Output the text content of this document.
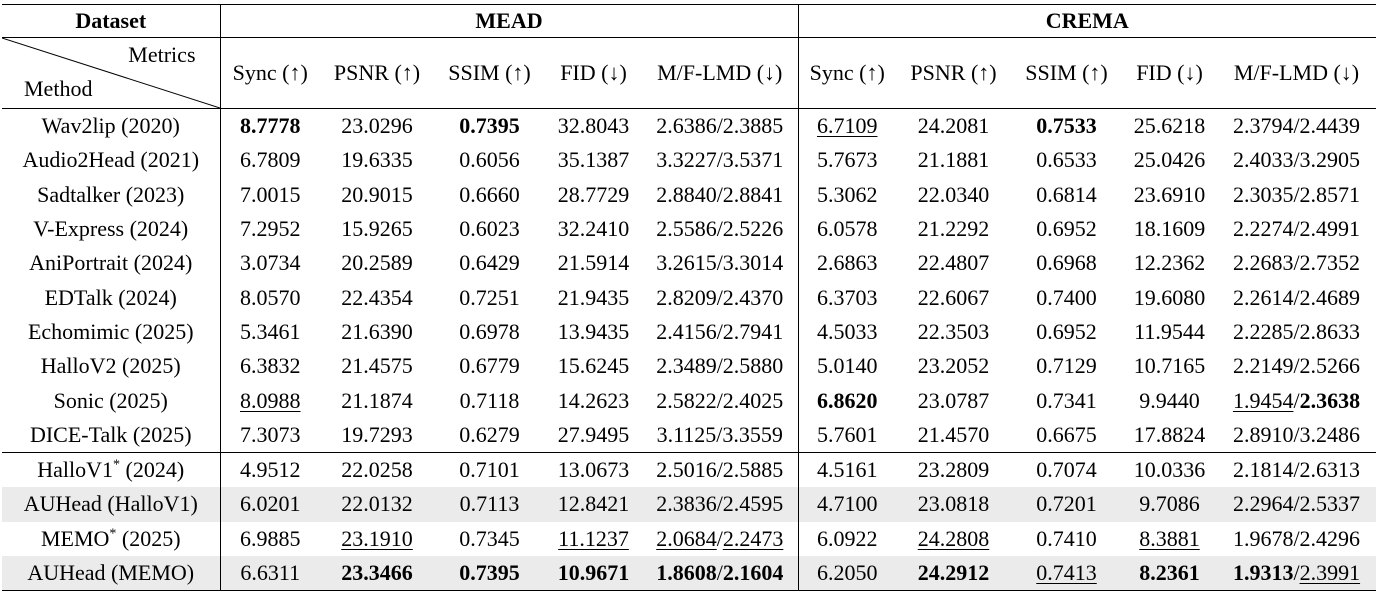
Dataset	MEAD					CREMA				

Metrics
Method	Sync (↑)	PSNR (↑)	SSIM (↑)	FID (↓)	M/F-LMD (↓)	Sync (↑)	PSNR (↑)	SSIM (↑)	FID (↓)	M/F-LMD (↓)
Wav2lip (2020)	8.7778	23.0296	0.7395	32.8043	2.6386/2.3885	6.7109	24.2081	0.7533	25.6218	2.3794/2.4439
Audio2Head (2021)	6.7809	19.6335	0.6056	35.1387	3.3227/3.5371	5.7673	21.1881	0.6533	25.0426	2.4033/3.2905
Sadtalker (2023)	7.0015	20.9015	0.6660	28.7729	2.8840/2.8841	5.3062	22.0340	0.6814	23.6910	2.3035/2.8571
V-Express (2024)	7.2952	15.9265	0.6023	32.2410	2.5586/2.5226	6.0578	21.2292	0.6952	18.1609	2.2274/2.4991
AniPortrait (2024)	3.0734	20.2589	0.6429	21.5914	3.2615/3.3014	2.6863	22.4807	0.6968	12.2362	2.2683/2.7352
EDTalk (2024)	8.0570	22.4354	0.7251	21.9435	2.8209/2.4370	6.3703	22.6067	0.7400	19.6080	2.2614/2.4689
Echomimic (2025)	5.3461	21.6390	0.6978	13.9435	2.4156/2.7941	4.5033	22.3503	0.6952	11.9544	2.2285/2.8633
HalloV2 (2025)	6.3832	21.4575	0.6779	15.6245	2.3489/2.5880	5.0140	23.2052	0.7129	10.7165	2.2149/2.5266
Sonic (2025)	8.0988	21.1874	0.7118	14.2623	2.5822/2.4025	6.8620	23.0787	0.7341	9.9440	1.9454/2.3638
DICE-Talk (2025)	7.3073	19.7293	0.6279	27.9495	3.1125/3.3559	5.7601	21.4570	0.6675	17.8824	2.8910/3.2486
HalloV1* (2024)	4.9512	22.0258	0.7101	13.0673	2.5016/2.5885	4.5161	23.2809	0.7074	10.0336	2.1814/2.6313
AUHead (HalloV1)	6.0201	22.0132	0.7113	12.8421	2.3836/2.4595	4.7100	23.0818	0.7201	9.7086	2.2964/2.5337
MEMO* (2025)	6.9885	23.1910	0.7345	11.1237	2.0684/2.2473	6.0922	24.2808	0.7410	8.3881	1.9678/2.4296
AUHead (MEMO)	6.6311	23.3466	0.7395	10.9671	1.8608/2.1604	6.2050	24.2912	0.7413	8.2361	1.9313/2.3991
